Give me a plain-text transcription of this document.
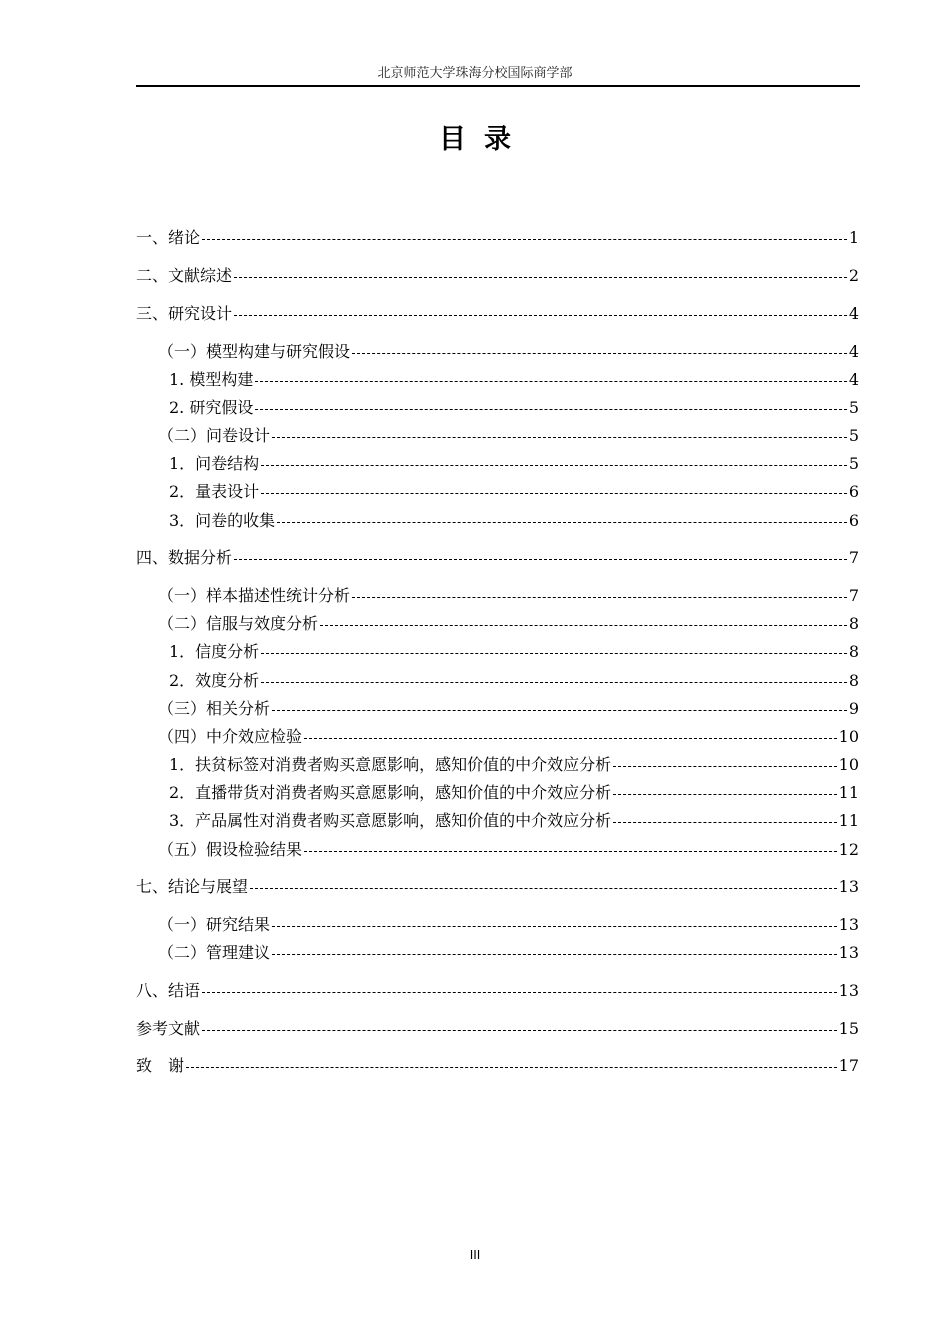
北京师范大学珠海分校国际商学部
目录
一、绪论	1
二、文献综述	2
三、研究设计	4
（一）模型构建与研究假设	4
1. 模型构建	4
2. 研究假设	5
（二）问卷设计	5
1．问卷结构	5
2．量表设计	6
3．问卷的收集	6
四、数据分析	7
（一）样本描述性统计分析	7
（二）信服与效度分析	8
1．信度分析	8
2．效度分析	8
（三）相关分析	9
（四）中介效应检验	10
1．扶贫标签对消费者购买意愿影响，感知价值的中介效应分析	10
2．直播带货对消费者购买意愿影响，感知价值的中介效应分析	11
3．产品属性对消费者购买意愿影响，感知价值的中介效应分析	11
（五）假设检验结果	12
七、结论与展望	13
（一）研究结果	13
（二）管理建议	13
八、结语	13
参考文献	15
致　谢	17
III
